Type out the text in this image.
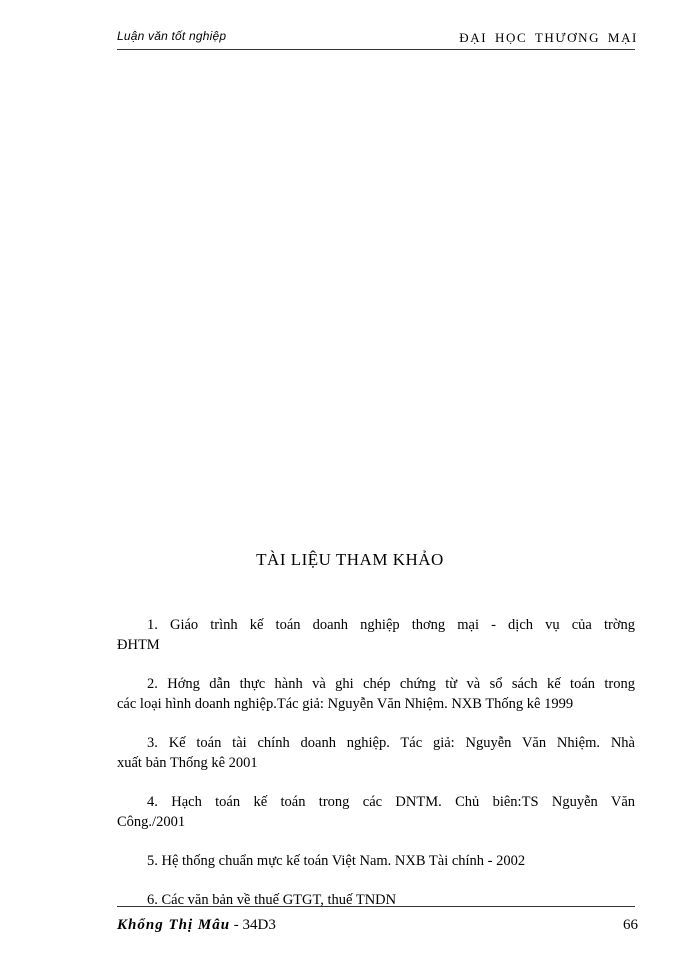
Luận văn tốt nghiệp	ĐẠI HỌC THƯƠNG MẠI
TÀI LIỆU THAM KHẢO
1. Giáo trình kế toán doanh nghiệp thơng mại - dịch vụ của trờng
ĐHTM
2. Hớng dẫn thực hành và ghi chép chứng từ và sổ sách kế toán trong
các loại hình doanh nghiệp.Tác giả: Nguyễn Văn Nhiệm. NXB Thống kê 1999
3. Kế toán tài chính doanh nghiệp. Tác giả: Nguyễn Văn Nhiệm. Nhà
xuất bản Thống kê 2001
4. Hạch toán kế toán trong các DNTM. Chủ biên:TS Nguyễn Văn
Công./2001
5. Hệ thống chuẩn mực kế toán Việt Nam. NXB Tài chính - 2002
6. Các văn bản về thuế GTGT, thuế TNDN
Khổng Thị Mâu - 34D3	66
